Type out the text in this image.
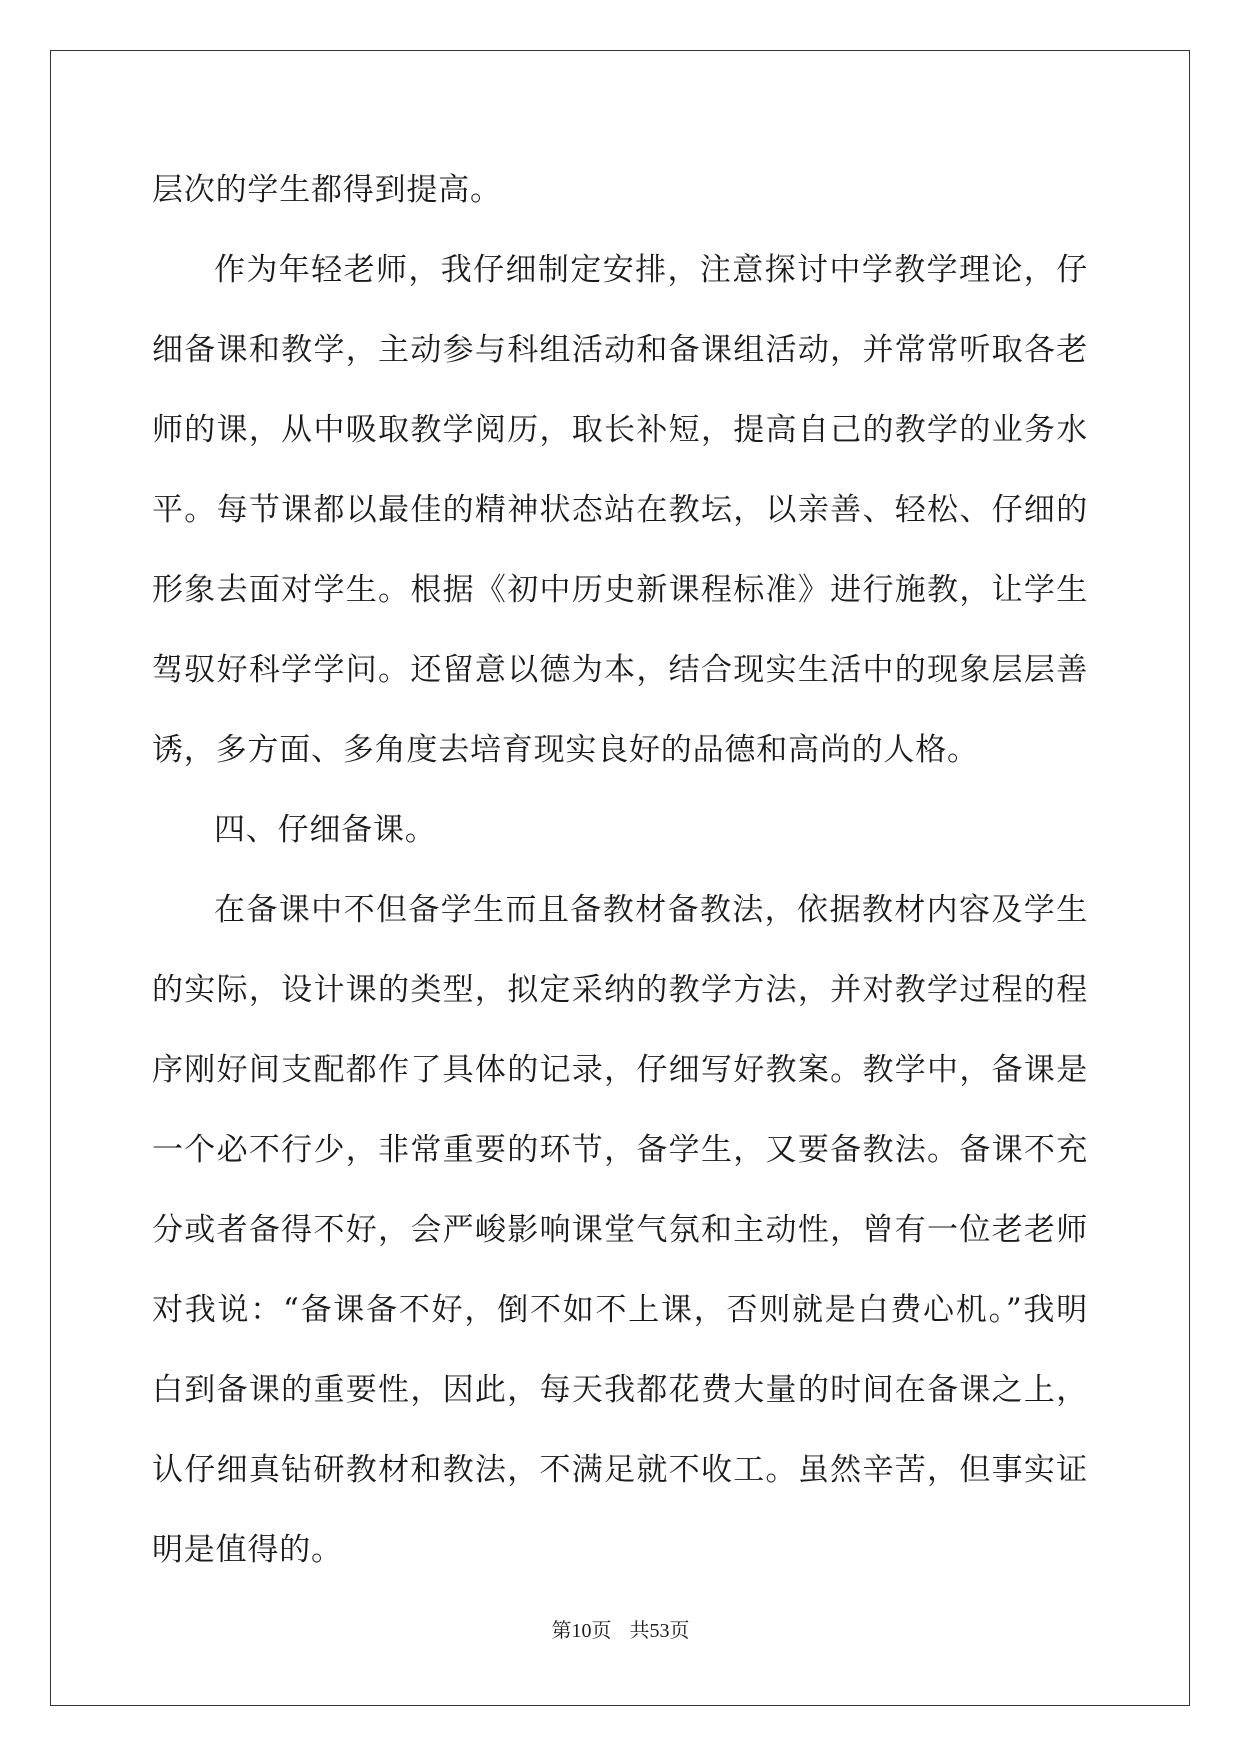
层次的学生都得到提高。

作为年轻老师，我仔细制定安排，注意探讨中学教学理论，仔细备课和教学，主动参与科组活动和备课组活动，并常常听取各老师的课，从中吸取教学阅历，取长补短，提高自己的教学的业务水平。每节课都以最佳的精神状态站在教坛，以亲善、轻松、仔细的形象去面对学生。根据《初中历史新课程标准》进行施教，让学生驾驭好科学学问。还留意以德为本，结合现实生活中的现象层层善诱，多方面、多角度去培育现实良好的品德和高尚的人格。

四、仔细备课。

在备课中不但备学生而且备教材备教法，依据教材内容及学生的实际，设计课的类型，拟定采纳的教学方法，并对教学过程的程序刚好间支配都作了具体的记录，仔细写好教案。教学中，备课是一个必不行少，非常重要的环节，备学生，又要备教法。备课不充分或者备得不好，会严峻影响课堂气氛和主动性，曾有一位老老师对我说：“备课备不好，倒不如不上课，否则就是白费心机。”我明白到备课的重要性，因此，每天我都花费大量的时间在备课之上，认仔细真钻研教材和教法，不满足就不收工。虽然辛苦，但事实证明是值得的。

第10页 共53页
